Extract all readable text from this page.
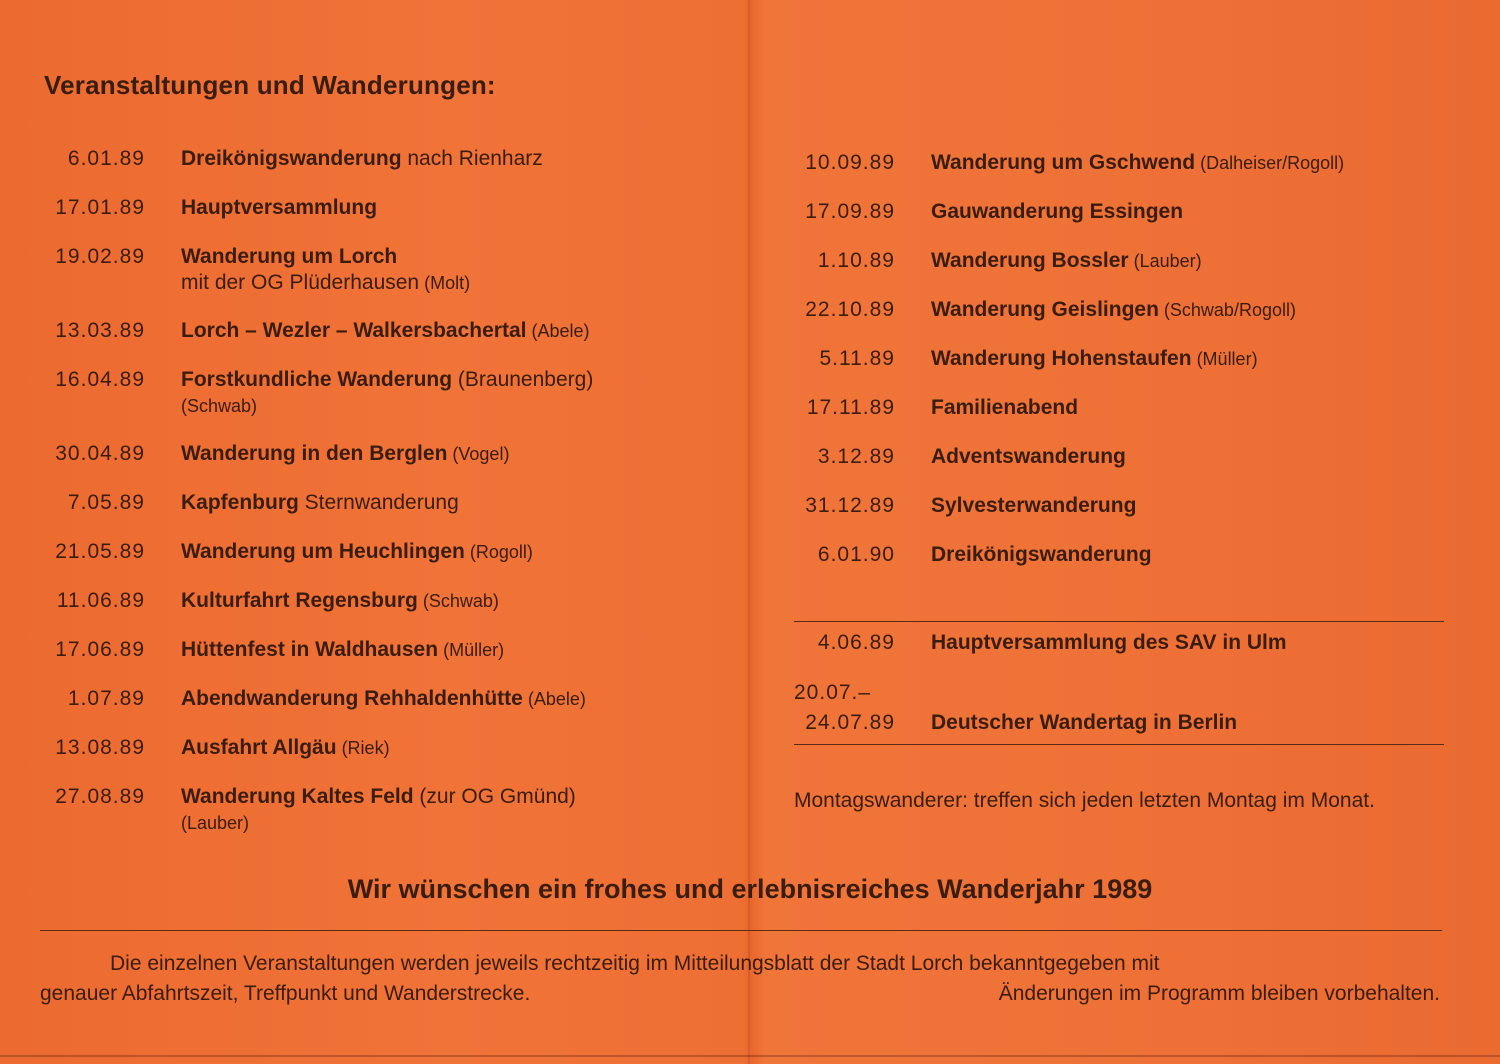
Veranstaltungen und Wanderungen:
6.01.89 Dreikönigswanderung nach Rienharz
17.01.89 Hauptversammlung
19.02.89 Wanderung um Lorch
mit der OG Plüderhausen (Molt)
13.03.89 Lorch – Wezler – Walkersbachertal (Abele)
16.04.89 Forstkundliche Wanderung (Braunenberg)
(Schwab)
30.04.89 Wanderung in den Berglen (Vogel)
7.05.89 Kapfenburg Sternwanderung
21.05.89 Wanderung um Heuchlingen (Rogoll)
11.06.89 Kulturfahrt Regensburg (Schwab)
17.06.89 Hüttenfest in Waldhausen (Müller)
1.07.89 Abendwanderung Rehhaldenhütte (Abele)
13.08.89 Ausfahrt Allgäu (Riek)
27.08.89 Wanderung Kaltes Feld (zur OG Gmünd)
(Lauber)
10.09.89 Wanderung um Gschwend (Dalheiser/Rogoll)
17.09.89 Gauwanderung Essingen
1.10.89 Wanderung Bossler (Lauber)
22.10.89 Wanderung Geislingen (Schwab/Rogoll)
5.11.89 Wanderung Hohenstaufen (Müller)
17.11.89 Familienabend
3.12.89 Adventswanderung
31.12.89 Sylvesterwanderung
6.01.90 Dreikönigswanderung
4.06.89 Hauptversammlung des SAV in Ulm
20.07.–
24.07.89 Deutscher Wandertag in Berlin
Montagswanderer: treffen sich jeden letzten Montag im Monat.
Wir wünschen ein frohes und erlebnisreiches Wanderjahr 1989
Die einzelnen Veranstaltungen werden jeweils rechtzeitig im Mitteilungsblatt der Stadt Lorch bekanntgegeben mit
genauer Abfahrtszeit, Treffpunkt und Wanderstrecke.	Änderungen im Programm bleiben vorbehalten.
